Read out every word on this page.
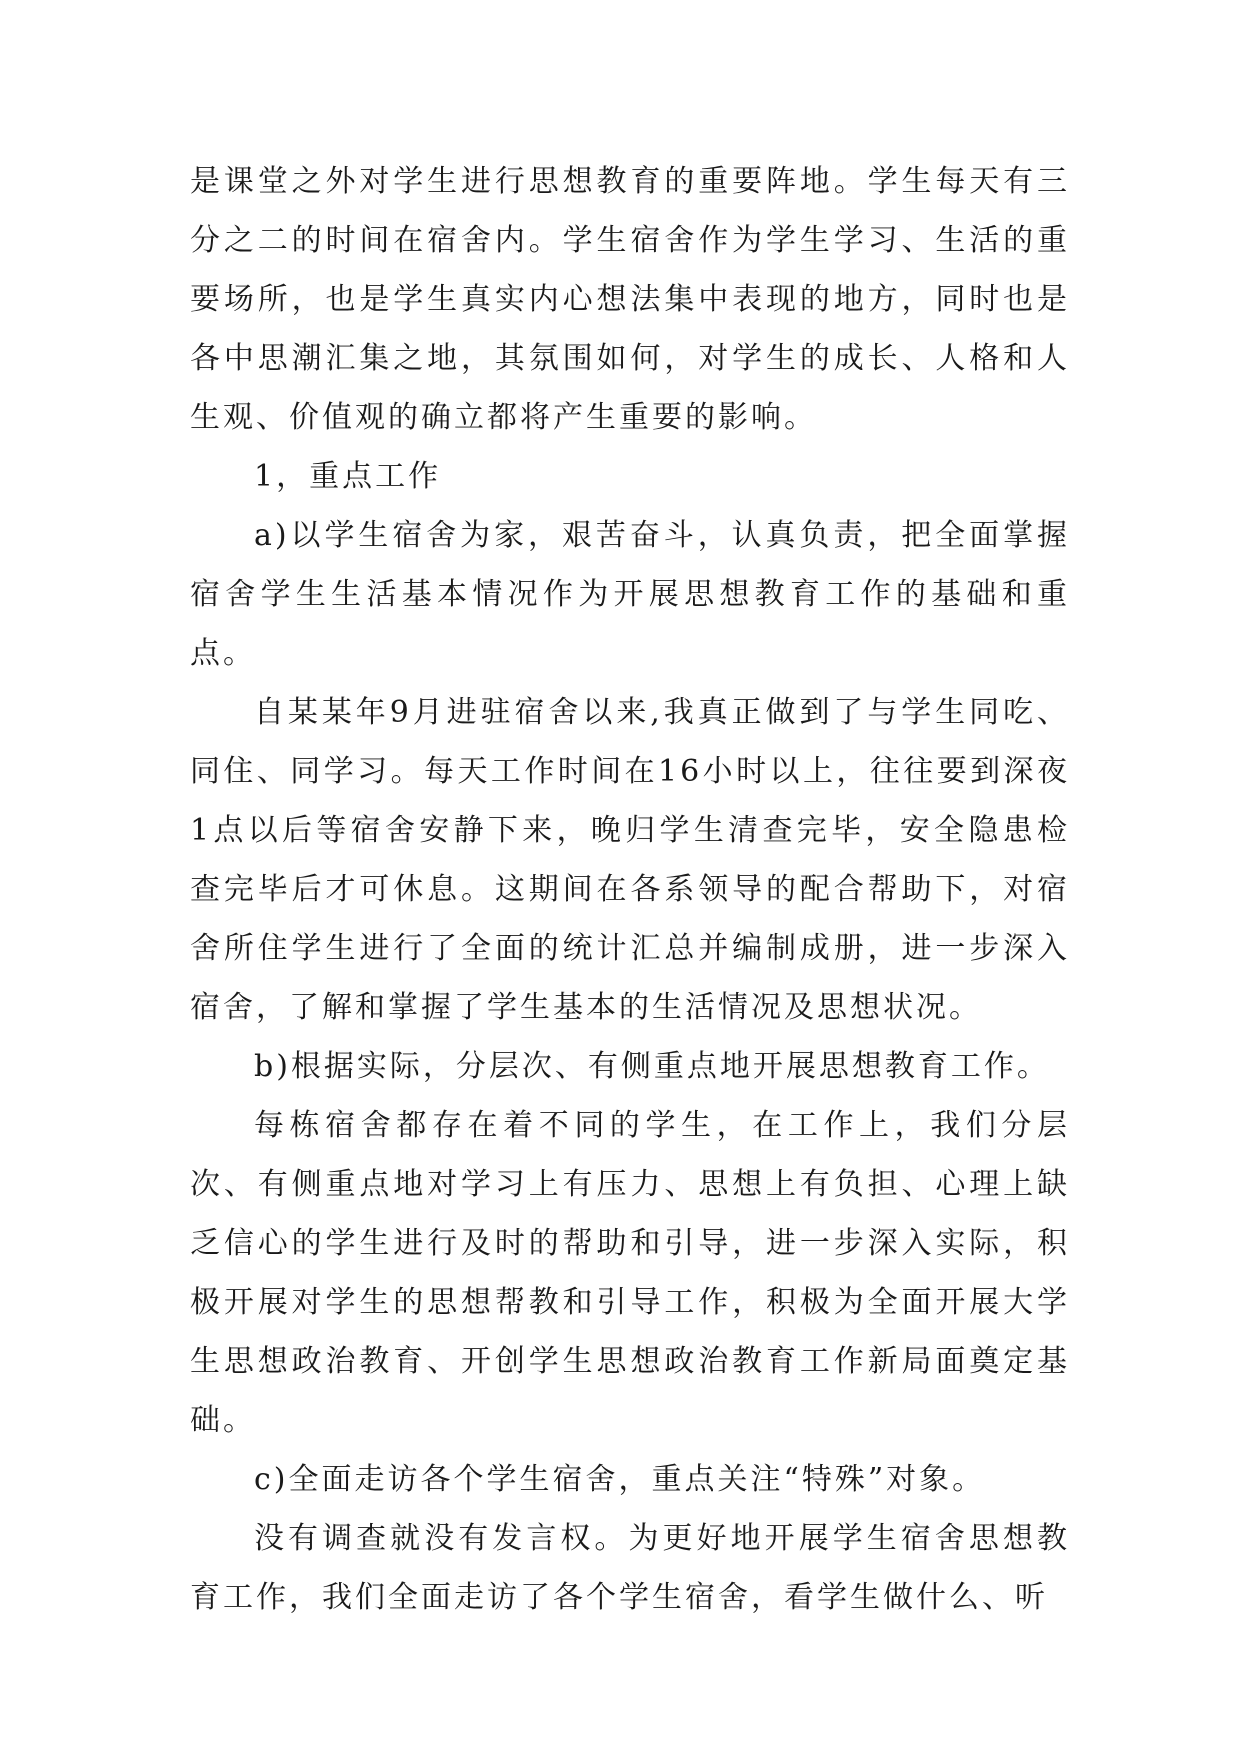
是课堂之外对学生进行思想教育的重要阵地。学生每天有三分之二的时间在宿舍内。学生宿舍作为学生学习、生活的重要场所，也是学生真实内心想法集中表现的地方，同时也是各中思潮汇集之地，其氛围如何，对学生的成长、人格和人生观、价值观的确立都将产生重要的影响。

1，重点工作

a)以学生宿舍为家，艰苦奋斗，认真负责，把全面掌握宿舍学生生活基本情况作为开展思想教育工作的基础和重点。

自某某年9月进驻宿舍以来,我真正做到了与学生同吃、同住、同学习。每天工作时间在16小时以上，往往要到深夜1点以后等宿舍安静下来，晚归学生清查完毕，安全隐患检查完毕后才可休息。这期间在各系领导的配合帮助下，对宿舍所住学生进行了全面的统计汇总并编制成册，进一步深入宿舍，了解和掌握了学生基本的生活情况及思想状况。

b)根据实际，分层次、有侧重点地开展思想教育工作。

每栋宿舍都存在着不同的学生，在工作上，我们分层次、有侧重点地对学习上有压力、思想上有负担、心理上缺乏信心的学生进行及时的帮助和引导，进一步深入实际，积极开展对学生的思想帮教和引导工作，积极为全面开展大学生思想政治教育、开创学生思想政治教育工作新局面奠定基础。

c)全面走访各个学生宿舍，重点关注“特殊”对象。

没有调查就没有发言权。为更好地开展学生宿舍思想教育工作，我们全面走访了各个学生宿舍，看学生做什么、听
